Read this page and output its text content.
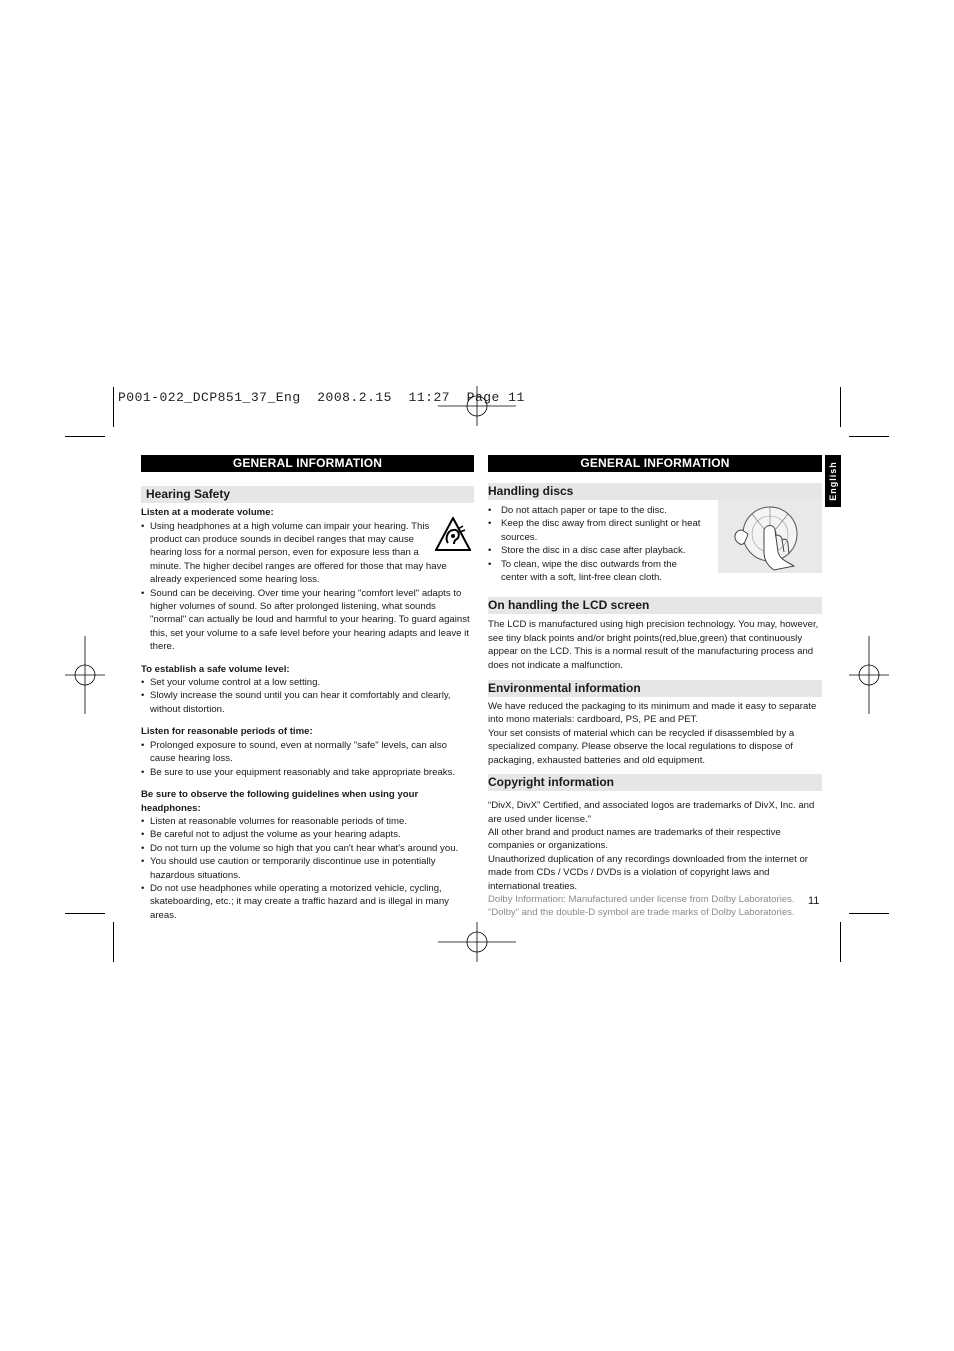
P001-022_DCP851_37_Eng  2008.2.15  11:27  Page 11
English
GENERAL INFORMATION
Hearing Safety

Listen at a moderate volume:

• Using headphones at a high volume can impair your hearing. This product can produce sounds in decibel ranges that may cause hearing loss for a normal person, even for exposure less than a minute. The higher decibel ranges are offered for those that may have already experienced some hearing loss.
• Sound can be deceiving. Over time your hearing "comfort level" adapts to higher volumes of sound. So after prolonged listening, what sounds "normal" can actually be loud and harmful to your hearing. To guard against this, set your volume to a safe level before your hearing adapts and leave it there.

To establish a safe volume level:

• Set your volume control at a low setting.
• Slowly increase the sound until you can hear it comfortably and clearly, without distortion.

Listen for reasonable periods of time:

• Prolonged exposure to sound, even at normally "safe" levels, can also cause hearing loss.
• Be sure to use your equipment reasonably and take appropriate breaks.

Be sure to observe the following guidelines when using your headphones:

• Listen at reasonable volumes for reasonable periods of time.
• Be careful not to adjust the volume as your hearing adapts.
• Do not turn up the volume so high that you can't hear what's around you.
• You should use caution or temporarily discontinue use in potentially hazardous situations.
• Do not use headphones while operating a motorized vehicle, cycling, skateboarding, etc.; it may create a traffic hazard and is illegal in many areas.
GENERAL INFORMATION
Handling discs
• Do not attach paper or tape to the disc.
• Keep the disc away from direct sunlight or heat sources.
• Store the disc in a disc case after playback.
• To clean, wipe the disc outwards from the center with a soft, lint-free clean cloth.
On handling the LCD screen

The LCD is manufactured using high precision technology. You may, however, see tiny black points and/or bright points(red,blue,green) that continuously appear on the LCD. This is a normal result of the manufacturing process and does not indicate a malfunction.

Environmental information

We have reduced the packaging to its minimum and made it easy to separate into mono materials: cardboard, PS, PE and PET.

Your set consists of material which can be recycled if disassembled by a specialized company. Please observe the local regulations to dispose of packaging, exhausted batteries and old equipment.

Copyright information

“DivX, DivX” Certified, and associated logos are trademarks of DivX, Inc. and are used under license.”

All other brand and product names are trademarks of their respective companies or organizations.

Unauthorized duplication of any recordings downloaded from the internet or made from CDs / VCDs / DVDs is a violation of copyright laws and international treaties.

Dolby Information: Manufactured under license from Dolby Laboratories. “Dolby” and the double-D symbol are trade marks of Dolby Laboratories.

11
